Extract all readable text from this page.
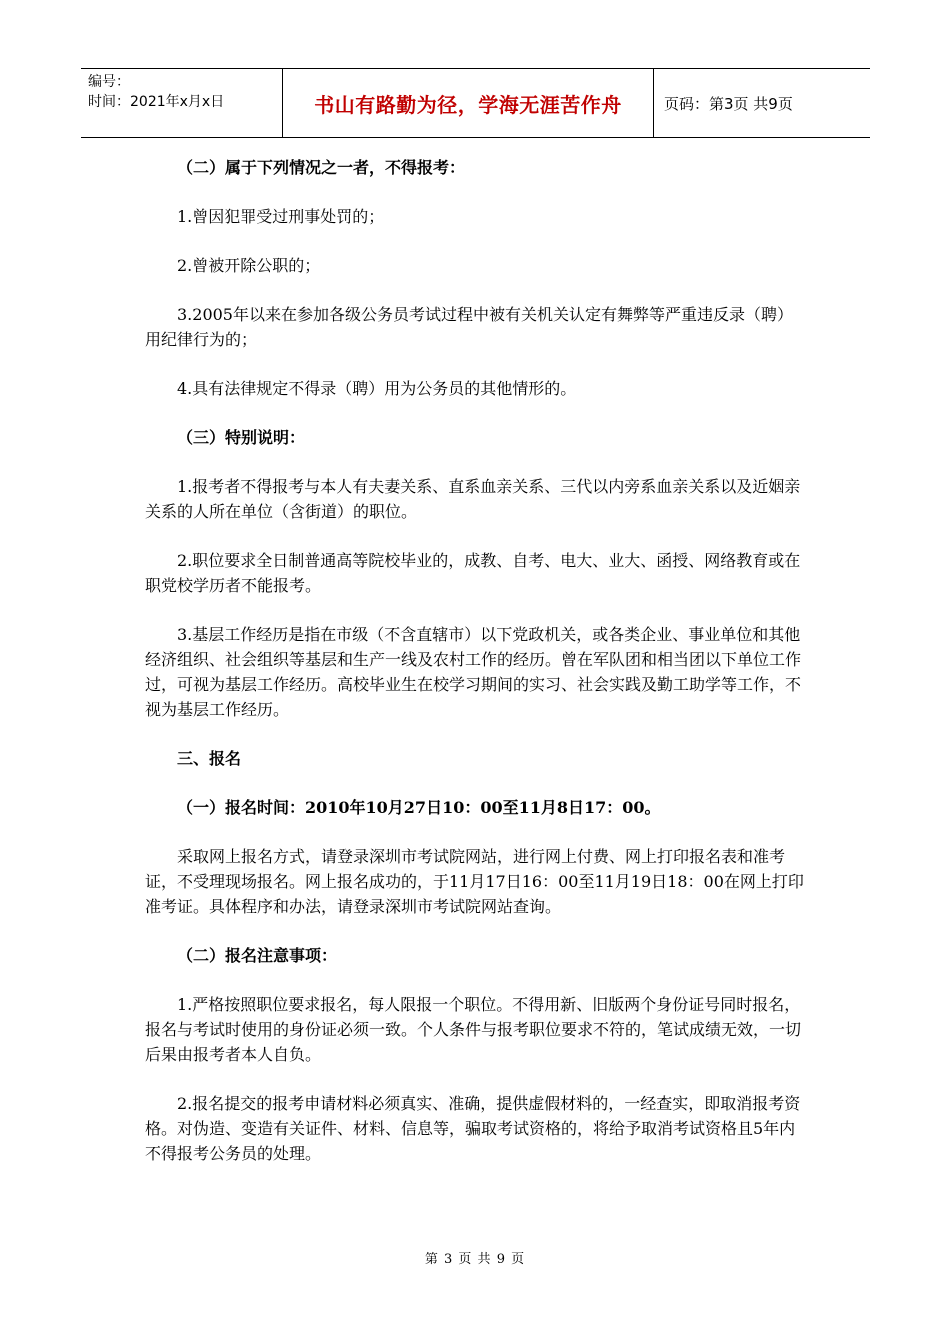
编号：
时间：2021年x月x日	书山有路勤为径，学海无涯苦作舟	页码：第3页 共9页

（二）属于下列情况之一者，不得报考：

1.曾因犯罪受过刑事处罚的；

2.曾被开除公职的；

3.2005年以来在参加各级公务员考试过程中被有关机关认定有舞弊等严重违反录（聘）用纪律行为的；

4.具有法律规定不得录（聘）用为公务员的其他情形的。

（三）特别说明：

1.报考者不得报考与本人有夫妻关系、直系血亲关系、三代以内旁系血亲关系以及近姻亲关系的人所在单位（含街道）的职位。

2.职位要求全日制普通高等院校毕业的，成教、自考、电大、业大、函授、网络教育或在职党校学历者不能报考。

3.基层工作经历是指在市级（不含直辖市）以下党政机关，或各类企业、事业单位和其他经济组织、社会组织等基层和生产一线及农村工作的经历。曾在军队团和相当团以下单位工作过，可视为基层工作经历。高校毕业生在校学习期间的实习、社会实践及勤工助学等工作，不视为基层工作经历。

三、报名

（一）报名时间：2010年10月27日10：00至11月8日17：00。

采取网上报名方式，请登录深圳市考试院网站，进行网上付费、网上打印报名表和准考证，不受理现场报名。网上报名成功的，于11月17日16：00至11月19日18：00在网上打印准考证。具体程序和办法，请登录深圳市考试院网站查询。

（二）报名注意事项：

1.严格按照职位要求报名，每人限报一个职位。不得用新、旧版两个身份证号同时报名，报名与考试时使用的身份证必须一致。个人条件与报考职位要求不符的，笔试成绩无效，一切后果由报考者本人自负。

2.报名提交的报考申请材料必须真实、准确，提供虚假材料的，一经查实，即取消报考资格。对伪造、变造有关证件、材料、信息等，骗取考试资格的，将给予取消考试资格且5年内不得报考公务员的处理。

第 3 页 共 9 页
